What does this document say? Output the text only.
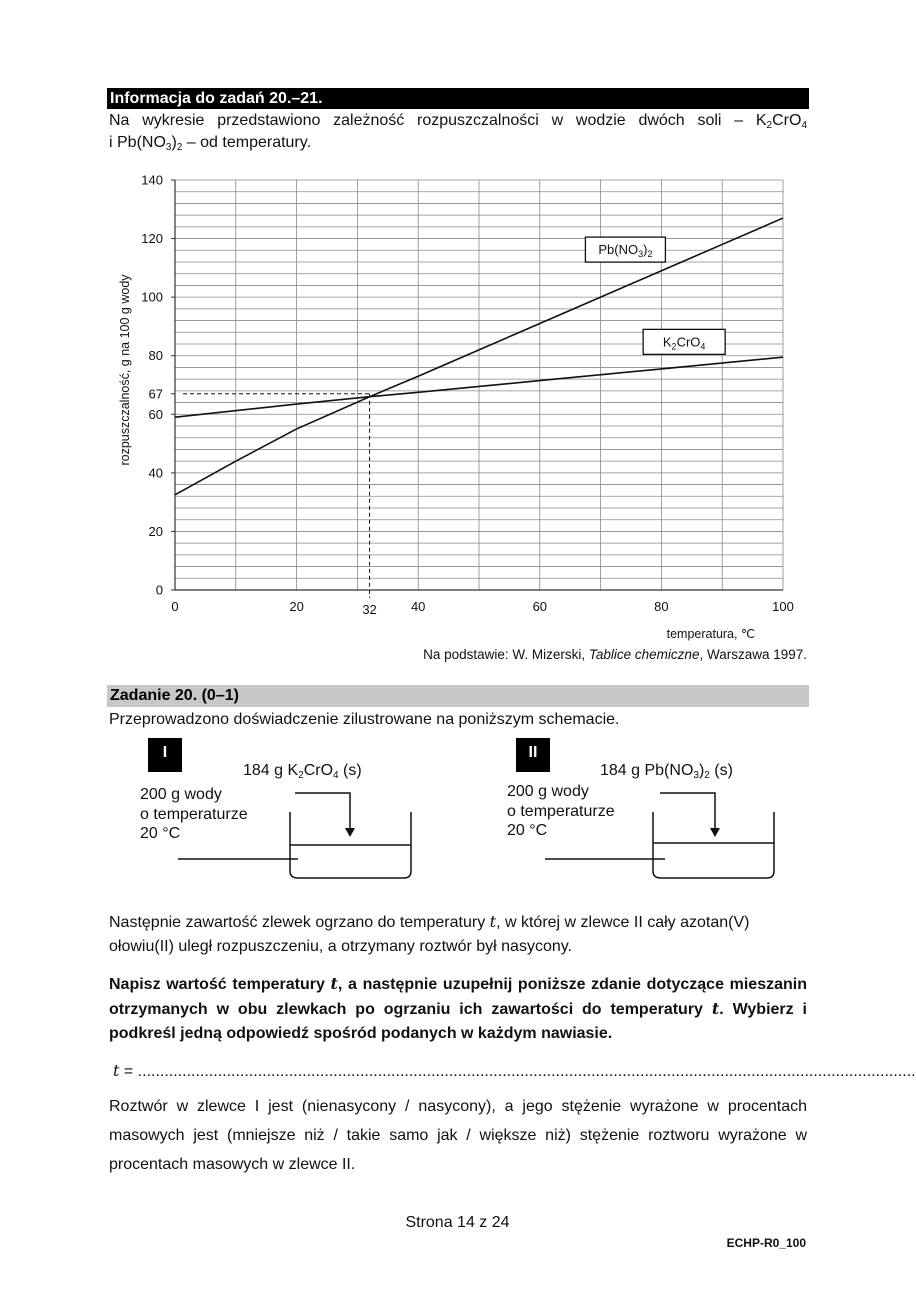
Informacja do zadań 20.–21.
Na wykresie przedstawiono zależność rozpuszczalności w wodzie dwóch soli – $K_2CrO_4$
i $Pb(NO_3)_2$ – od temperatury.
0
20
40
60
67
80
100
120
140
0	20	32	40	60	80	100
temperatura, ℃
rozpuszczalność, g na 100 g wody
$Pb(NO_3)_2$
$K_2CrO_4$
Na podstawie: W. Mizerski, Tablice chemiczne, Warszawa 1997.
Zadanie 20. (0–1)
Przeprowadzono doświadczenie zilustrowane na poniższym schemacie.
I
184 g $K_2CrO_4$ (s)
200 g wody
o temperaturze
20 °C
II
184 g $Pb(NO_3)_2$ (s)
200 g wody
o temperaturze
20 °C
Następnie zawartość zlewek ogrzano do temperatury t, w której w zlewce II cały azotan(V) ołowiu(II) uległ rozpuszczeniu, a otrzymany roztwór był nasycony.
Napisz wartość temperatury t, a następnie uzupełnij poniższe zdanie dotyczące mieszanin otrzymanych w obu zlewkach po ogrzaniu ich zawartości do temperatury t. Wybierz i podkreśl jedną odpowiedź spośród podanych w każdym nawiasie.
t = ...............................................................................................................................................................................
Roztwór w zlewce I jest (nienasycony / nasycony), a jego stężenie wyrażone w procentach masowych jest (mniejsze niż / takie samo jak / większe niż) stężenie roztworu wyrażone w procentach masowych w zlewce II.
Strona 14 z 24
ECHP-R0_100
